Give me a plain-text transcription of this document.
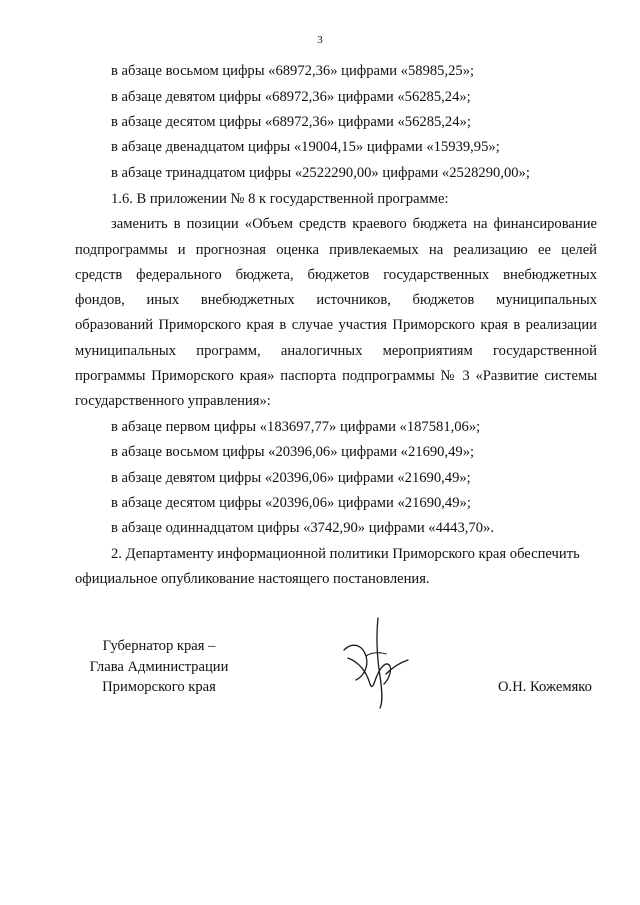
3
в абзаце восьмом цифры «68972,36» цифрами «58985,25»;
в абзаце девятом цифры «68972,36» цифрами «56285,24»;
в абзаце десятом цифры «68972,36» цифрами «56285,24»;
в абзаце двенадцатом цифры «19004,15» цифрами «15939,95»;
в абзаце тринадцатом цифры «2522290,00» цифрами «2528290,00»;
1.6. В приложении № 8 к государственной программе:
заменить в позиции «Объем средств краевого бюджета на финансирование
подпрограммы и прогнозная оценка привлекаемых на реализацию ее целей
средств федерального бюджета, бюджетов государственных внебюджетных
фондов, иных внебюджетных источников, бюджетов муниципальных
образований Приморского края в случае участия Приморского края в реализации
муниципальных программ, аналогичных мероприятиям государственной
программы Приморского края» паспорта подпрограммы № 3 «Развитие системы
государственного управления»:
в абзаце первом цифры «183697,77» цифрами «187581,06»;
в абзаце восьмом цифры «20396,06» цифрами «21690,49»;
в абзаце девятом цифры «20396,06» цифрами «21690,49»;
в абзаце десятом цифры «20396,06» цифрами «21690,49»;
в абзаце одиннадцатом цифры «3742,90» цифрами «4443,70».
2. Департаменту информационной политики Приморского края обеспечить
официальное опубликование настоящего постановления.
Губернатор края –
Глава Администрации
Приморского края	О.Н. Кожемяко
